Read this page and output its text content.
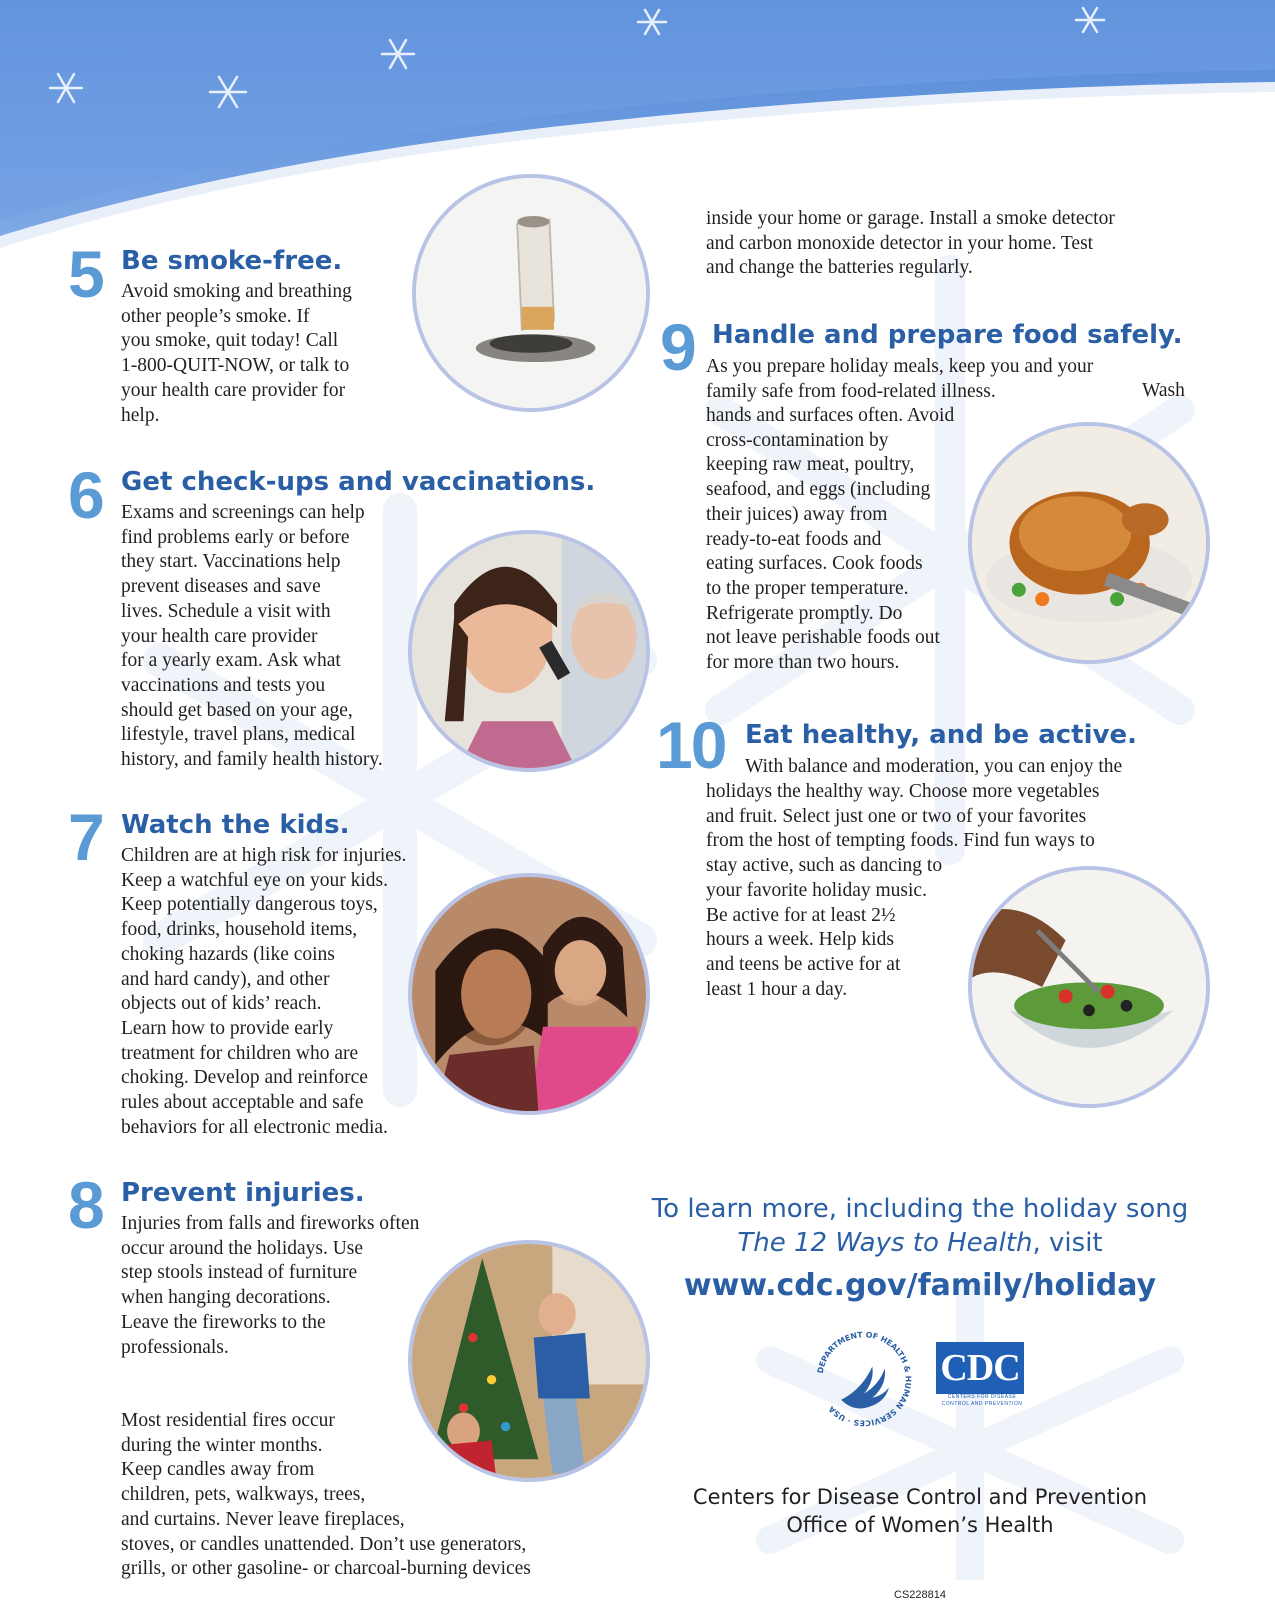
5 Be smoke-free.
Avoid smoking and breathing
other people’s smoke. If
you smoke, quit today! Call
1-800-QUIT-NOW, or talk to
your health care provider for
help.
6 Get check-ups and vaccinations.
Exams and screenings can help
find problems early or before
they start. Vaccinations help
prevent diseases and save
lives. Schedule a visit with
your health care provider
for a yearly exam. Ask what
vaccinations and tests you
should get based on your age,
lifestyle, travel plans, medical
history, and family health history.
7 Watch the kids.
Children are at high risk for injuries.
Keep a watchful eye on your kids.
Keep potentially dangerous toys,
food, drinks, household items,
choking hazards (like coins
and hard candy), and other
objects out of kids’ reach.
Learn how to provide early
treatment for children who are
choking. Develop and reinforce
rules about acceptable and safe
behaviors for all electronic media.
8 Prevent injuries.
Injuries from falls and fireworks often
occur around the holidays. Use
step stools instead of furniture
when hanging decorations.
Leave the fireworks to the
professionals.
Most residential fires occur
during the winter months.
Keep candles away from
children, pets, walkways, trees,
and curtains. Never leave fireplaces,
stoves, or candles unattended. Don’t use generators,
grills, or other gasoline- or charcoal-burning devices
inside your home or garage. Install a smoke detector
and carbon monoxide detector in your home. Test
and change the batteries regularly.
9 Handle and prepare food safely.
As you prepare holiday meals, keep you and your
family safe from food-related illness.	Wash
hands and surfaces often. Avoid
cross-contamination by
keeping raw meat, poultry,
seafood, and eggs (including
their juices) away from
ready-to-eat foods and
eating surfaces. Cook foods
to the proper temperature.
Refrigerate promptly. Do
not leave perishable foods out
for more than two hours.
10 Eat healthy, and be active.
With balance and moderation, you can enjoy the
holidays the healthy way. Choose more vegetables
and fruit. Select just one or two of your favorites
from the host of tempting foods. Find fun ways to
stay active, such as dancing to
your favorite holiday music.
Be active for at least 2½
hours a week. Help kids
and teens be active for at
least 1 hour a day.
To learn more, including the holiday song
The 12 Ways to Health, visit
www.cdc.gov/family/holiday
DEPARTMENT OF HEALTH & HUMAN SERVICES · USA
CDC
CENTERS FOR DISEASE
CONTROL AND PREVENTION
Centers for Disease Control and Prevention
Office of Women’s Health
CS228814
